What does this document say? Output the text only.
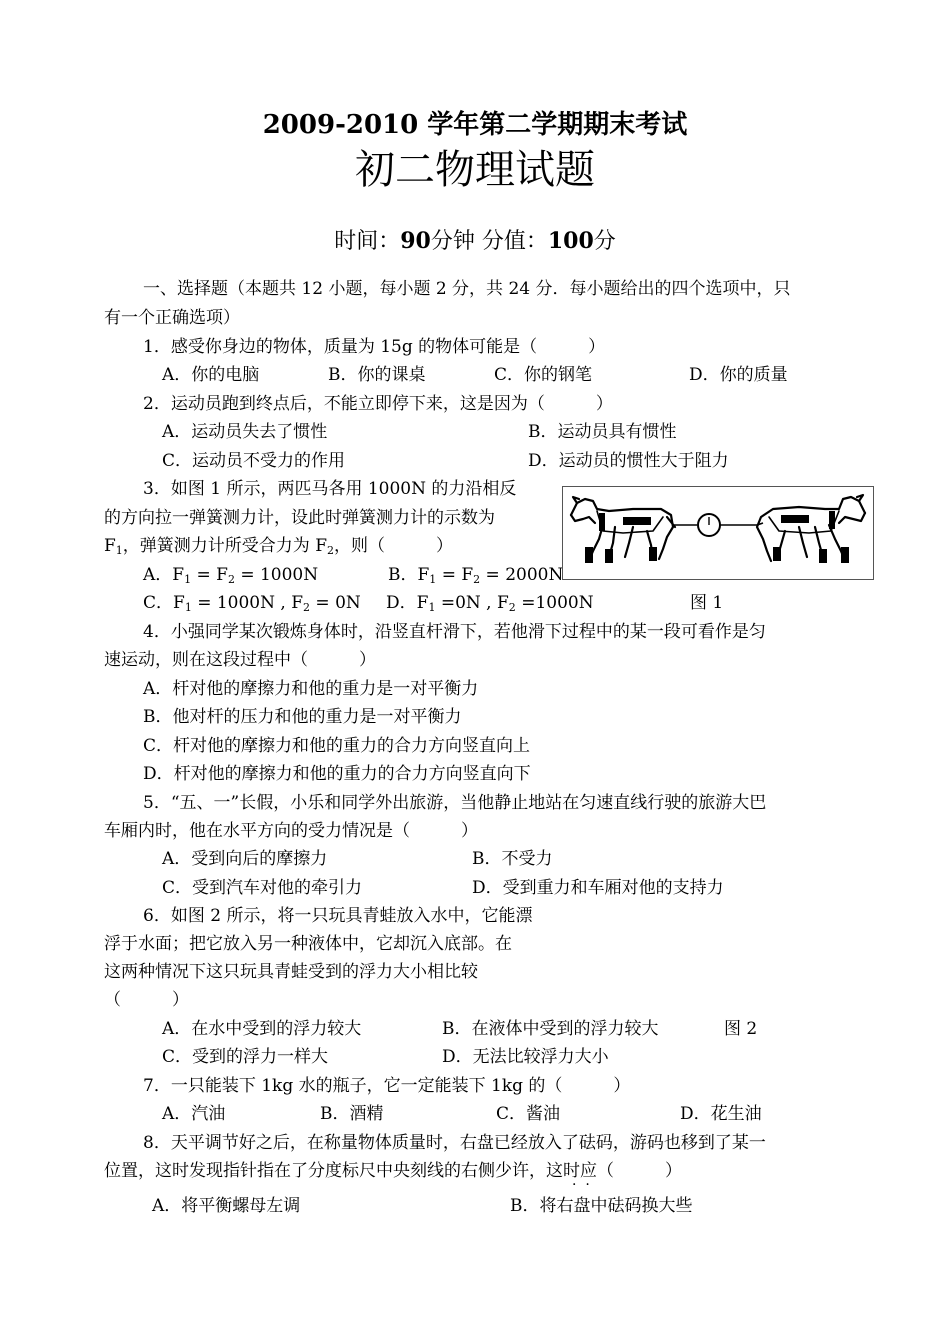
2009-2010 学年第二学期期末考试
初二物理试题
时间：90分钟 分值：100分
一、选择题（本题共 12 小题，每小题 2 分，共 24 分．每小题给出的四个选项中，只
有一个正确选项）
1．感受你身边的物体，质量为 15g 的物体可能是（　　　）
A．你的电脑	B．你的课桌	C．你的钢笔	D．你的质量
2．运动员跑到终点后，不能立即停下来，这是因为（　　　）
A．运动员失去了惯性	B．运动员具有惯性
C．运动员不受力的作用	D．运动员的惯性大于阻力
3．如图 1 所示，两匹马各用 1000N 的力沿相反
的方向拉一弹簧测力计，设此时弹簧测力计的示数为
$F_1$，弹簧测力计所受合力为 $F_2$，则（　　　）
A．$F_1 = F_2 = 1000N$	B．$F_1 = F_2 = 2000N$
C．$F_1 = 1000N$ , $F_2 = 0N$ D．$F_1 =0N$ , $F_2 =1000N$	图 1
4．小强同学某次锻炼身体时，沿竖直杆滑下，若他滑下过程中的某一段可看作是匀
速运动，则在这段过程中（　　　）
A．杆对他的摩擦力和他的重力是一对平衡力
B．他对杆的压力和他的重力是一对平衡力
C．杆对他的摩擦力和他的重力的合力方向竖直向上
D．杆对他的摩擦力和他的重力的合力方向竖直向下
5．“五、一”长假，小乐和同学外出旅游，当他静止地站在匀速直线行驶的旅游大巴
车厢内时，他在水平方向的受力情况是（　　　）
A．受到向后的摩擦力	B．不受力
C．受到汽车对他的牵引力	D．受到重力和车厢对他的支持力
6．如图 2 所示，将一只玩具青蛙放入水中，它能漂
浮于水面；把它放入另一种液体中，它却沉入底部。在
这两种情况下这只玩具青蛙受到的浮力大小相比较
（　　　）
A．在水中受到的浮力较大	B．在液体中受到的浮力较大	图 2
C．受到的浮力一样大	D．无法比较浮力大小
7．一只能装下 1kg 水的瓶子，它一定能装下 1kg 的（　　　）
A．汽油	B．酒精	C．酱油	D．花生油
8．天平调节好之后，在称量物体质量时，右盘已经放入了砝码，游码也移到了某一
位置，这时发现指针指在了分度标尺中央刻线的右侧少许，这时应（　　　）
·  ·
A．将平衡螺母左调	B．将右盘中砝码换大些
